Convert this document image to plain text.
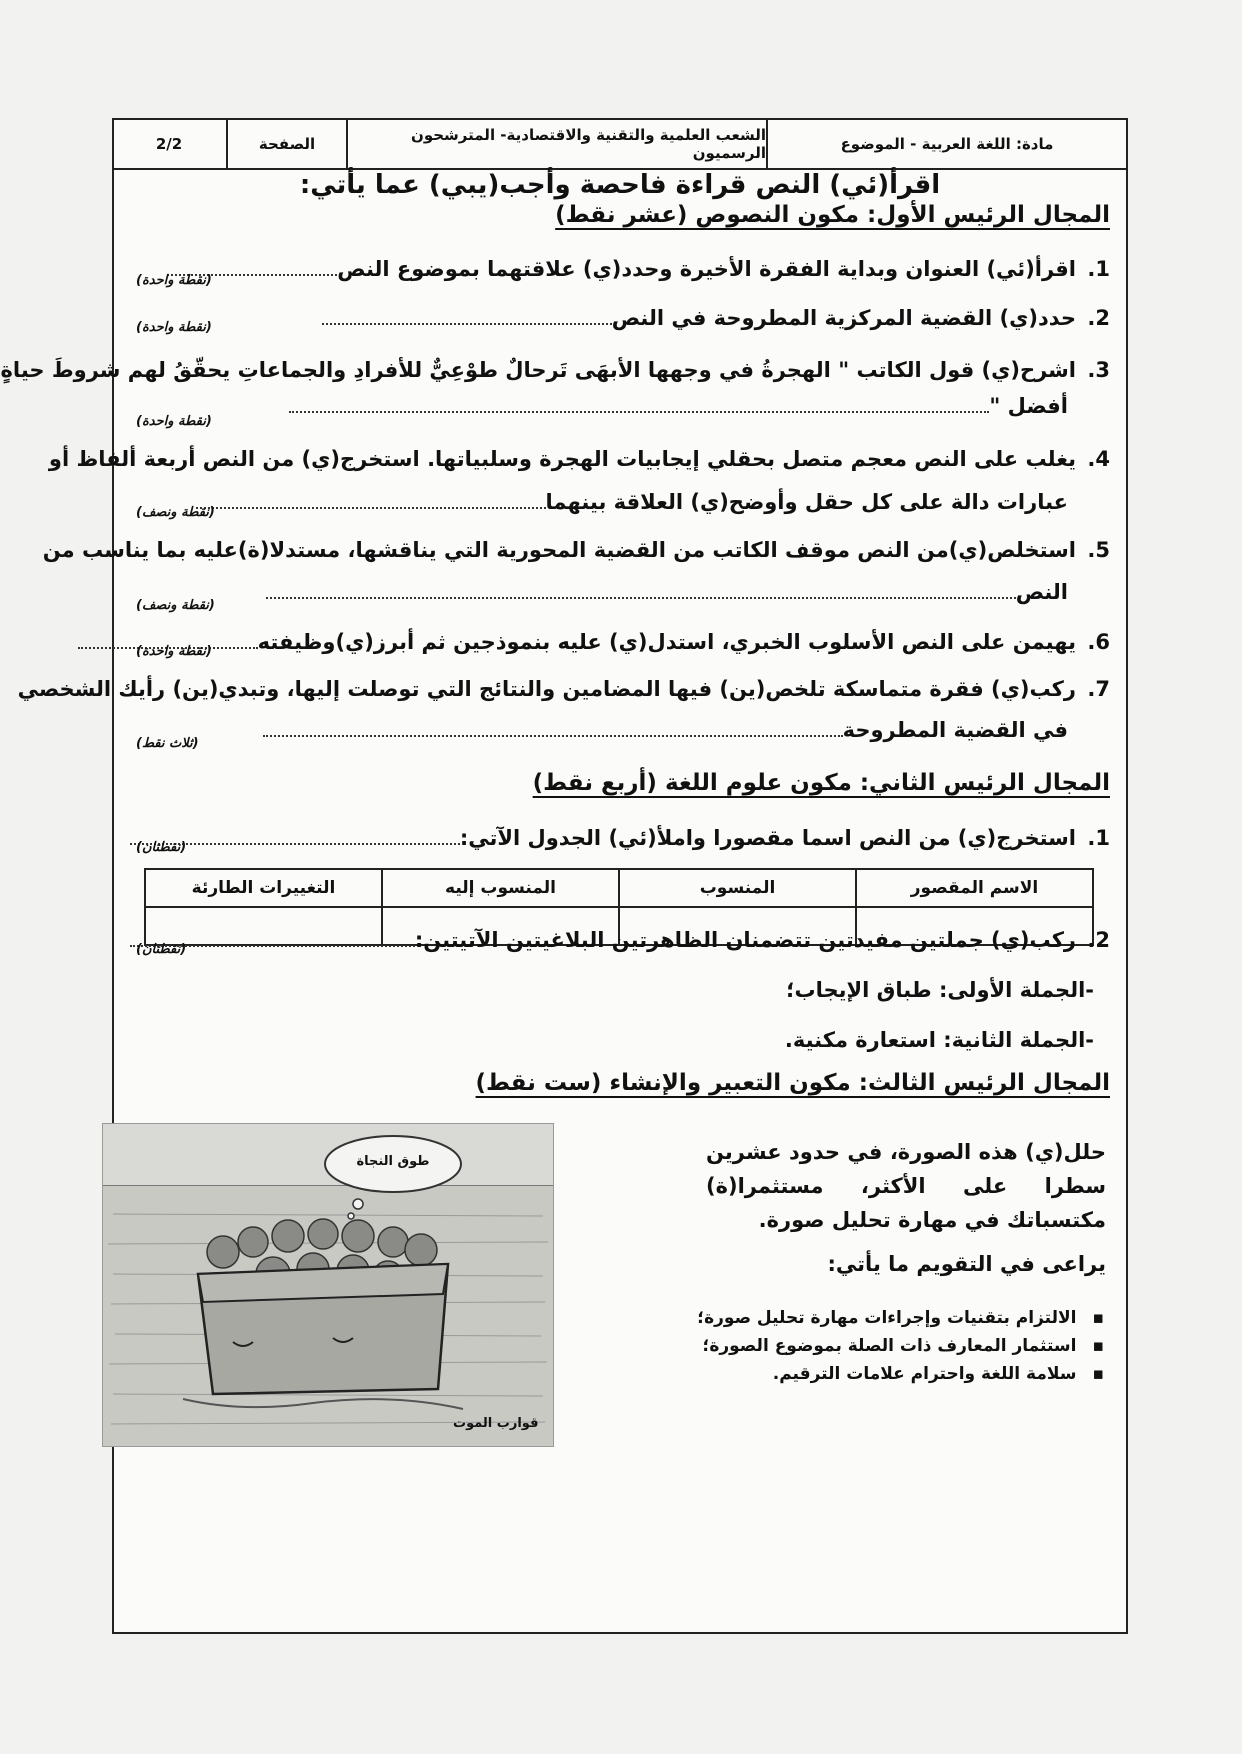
مادة: اللغة العربية - الموضوع
الشعب العلمية والتقنية والاقتصادية- المترشحون الرسميون
الصفحة
2/2
اقرأ(ئي) النص قراءة فاحصة وأجب(يبي) عما يأتي:
المجال الرئيس الأول: مكون النصوص (عشر نقط)
1.اقرأ(ئي) العنوان وبداية الفقرة الأخيرة وحدد(ي) علاقتهما بموضوع النص
(نقطة واحدة)
2.حدد(ي) القضية المركزية المطروحة في النص
(نقطة واحدة)
3.اشرح(ي) قول الكاتب " الهجرةُ في وجهها الأبهَى تَرحالٌ طوْعِيٌّ للأفرادِ والجماعاتِ يحقّقُ لهم شروطَ حياةٍ
أفضل "
(نقطة واحدة)
4.يغلب على النص معجم متصل بحقلي إيجابيات الهجرة وسلبياتها. استخرج(ي) من النص أربعة ألفاظ أو
عبارات دالة على كل حقل وأوضح(ي) العلاقة بينهما
(نقطة ونصف)
5.استخلص(ي)من النص موقف الكاتب من القضية المحورية التي يناقشها، مستدلا(ة)عليه بما يناسب من
النص
(نقطة ونصف)
6.يهيمن على النص الأسلوب الخبري، استدل(ي) عليه بنموذجين ثم أبرز(ي)وظيفته
(نقطة واحدة)
7.ركب(ي) فقرة متماسكة تلخص(ين) فيها المضامين والنتائج التي توصلت إليها، وتبدي(ين) رأيك الشخصي
في القضية المطروحة
(ثلاث نقط)
المجال الرئيس الثاني: مكون علوم اللغة (أربع نقط)
1.استخرج(ي) من النص اسما مقصورا واملأ(ئي) الجدول الآتي:
(نقطتان)
الاسم المقصور	المنسوب	المنسوب إليه	التغييرات الطارئة

2.ركب(ي) جملتين مفيدتين تتضمنان الظاهرتين البلاغيتين الآتيتين:
(نقطتان)
-الجملة الأولى: طباق الإيجاب؛
-الجملة الثانية: استعارة مكنية.
المجال الرئيس الثالث: مكون التعبير والإنشاء (ست نقط)
طوق النجاة
قوارب الموت
حلل(ي) هذه الصورة، في حدود عشرين سطرا على الأكثر، مستثمرا(ة) مكتسباتك في مهارة تحليل صورة.
يراعى في التقويم ما يأتي:
▪ الالتزام بتقنيات وإجراءات مهارة تحليل صورة؛
▪ استثمار المعارف ذات الصلة بموضوع الصورة؛
▪ سلامة اللغة واحترام علامات الترقيم.
